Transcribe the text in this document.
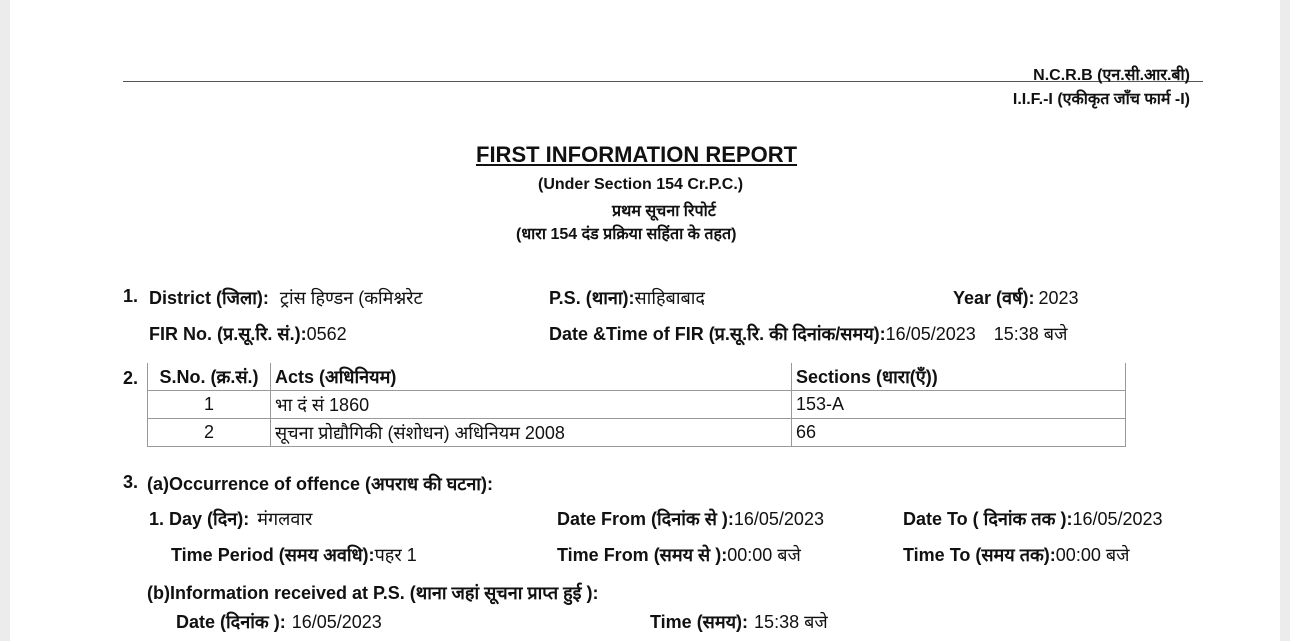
N.C.R.B (एन.सी.आर.बी)
I.I.F.-I (एकीकृत जाँच फार्म -I)
FIRST INFORMATION REPORT
(Under Section 154 Cr.P.C.)
प्रथम सूचना रिपोर्ट
(धारा 154 दंड प्रक्रिया सहिंता के तहत)
1. District (जिला): ट्रांस हिण्डन (कमिश्नरेट	P.S. (थाना):साहिबाबाद	Year (वर्ष): 2023
FIR No. (प्र.सू.रि. सं.):0562	Date &Time of FIR (प्र.सू.रि. की दिनांक/समय):16/05/2023 15:38 बजे
2. S.No. (क्र.सं.)	Acts (अधिनियम)	Sections (धारा(एँ))
1	भा दं सं 1860	153-A
2	सूचना प्रोद्यौगिकी (संशोधन) अधिनियम 2008	66
3. (a)Occurrence of offence (अपराध की घटना):
1. Day (दिन): मंगलवार	Date From (दिनांक से ):16/05/2023	Date To ( दिनांक तक ):16/05/2023
Time Period (समय अवधि):पहर 1	Time From (समय से ):00:00 बजे	Time To (समय तक):00:00 बजे
(b)Information received at P.S. (थाना जहां सूचना प्राप्त हुई ):
Date (दिनांक ): 16/05/2023	Time (समय): 15:38 बजे
